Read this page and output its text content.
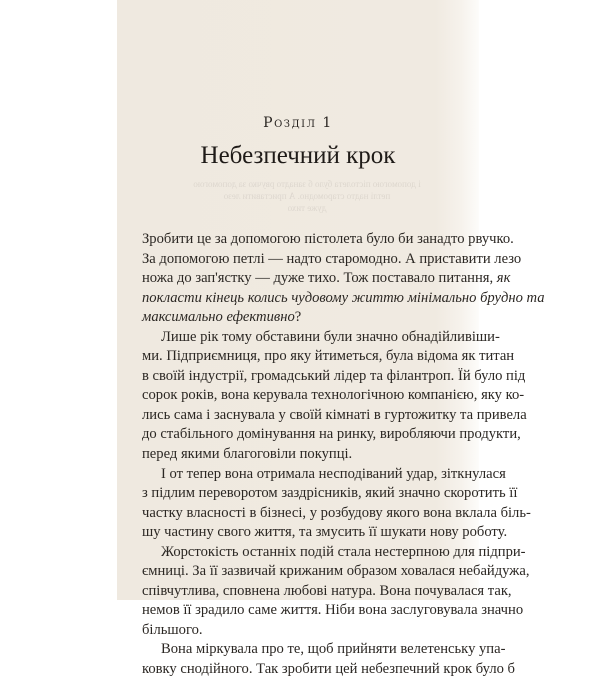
і допомогою пістолета було б занадто рвучко за допомогою
петлі надто старомодно. А приставити лезо
дуже тихо
Розділ 1
Небезпечний крок
Зробити це за допомогою пістолета було би занадто рвучко.
За допомогою петлі — надто старомодно. А приставити лезо
ножа до зап'ястку — дуже тихо. Тож поставало питання, як
покласти кінець колись чудовому життю мінімально брудно та
максимально ефективно?
Лише рік тому обставини були значно обнадійливіши-
ми. Підприємниця, про яку йтиметься, була відома як титан
в своїй індустрії, громадський лідер та філантроп. Їй було під
сорок років, вона керувала технологічною компанією, яку ко-
лись сама і заснувала у своїй кімнаті в гуртожитку та привела
до стабільного домінування на ринку, виробляючи продукти,
перед якими благоговіли покупці.
І от тепер вона отримала несподіваний удар, зіткнулася
з підлим переворотом заздрісників, який значно скоротить її
частку власності в бізнесі, у розбудову якого вона вклала біль-
шу частину свого життя, та змусить її шукати нову роботу.
Жорстокість останніх подій стала нестерпною для підпри-
ємниці. За її зазвичай крижаним образом ховалася небайдужа,
співчутлива, сповнена любові натура. Вона почувалася так,
немов її зрадило саме життя. Ніби вона заслуговувала значно
більшого.
Вона міркувала про те, щоб прийняти велетенську упа-
ковку снодійного. Так зробити цей небезпечний крок було б
